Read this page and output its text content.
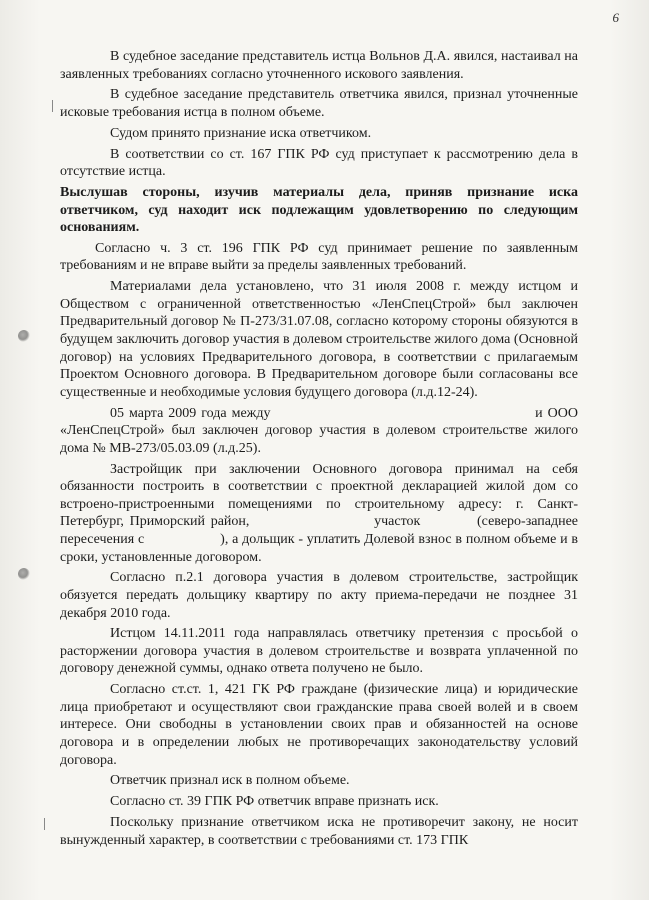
6

В судебное заседание представитель истца Вольнов Д.А. явился, настаивал на заявленных требованиях согласно уточненного искового заявления.

В судебное заседание представитель ответчика явился, признал уточненные исковые требования истца в полном объеме.

Судом принято признание иска ответчиком.

В соответствии со ст. 167 ГПК РФ суд приступает к рассмотрению дела в отсутствие истца.

Выслушав стороны, изучив материалы дела, приняв признание иска ответчиком, суд находит иск подлежащим удовлетворению по следующим основаниям.

Согласно ч. 3 ст. 196 ГПК РФ суд принимает решение по заявленным требованиям и не вправе выйти за пределы заявленных требований.

Материалами дела установлено, что 31 июля 2008 г. между истцом и Обществом с ограниченной ответственностью «ЛенСпецСтрой» был заключен Предварительный договор № П-273/31.07.08, согласно которому стороны обязуются в будущем заключить договор участия в долевом строительстве жилого дома (Основной договор) на условиях Предварительного договора, в соответствии с прилагаемым Проектом Основного договора. В Предварительном договоре были согласованы все существенные и необходимые условия будущего договора (л.д.12-24).

05 марта 2009 года между                                                     и ООО «ЛенСпецСтрой» был заключен договор участия в долевом строительстве жилого дома № МВ-273/05.03.09 (л.д.25).

Застройщик при заключении Основного договора принимал на себя обязанности построить в соответствии с проектной декларацией жилой дом со встроено-пристроенными помещениями по строительному адресу: г. Санкт-Петербург, Приморский район,                      участок          (северо-западнее пересечения с                    ), а дольщик - уплатить Долевой взнос в полном объеме и в сроки, установленные договором.

Согласно п.2.1 договора участия в долевом строительстве, застройщик обязуется передать дольщику квартиру по акту приема-передачи не позднее 31 декабря 2010 года.

Истцом 14.11.2011 года направлялась ответчику претензия с просьбой о расторжении договора участия в долевом строительстве и возврата уплаченной по договору денежной суммы, однако ответа получено не было.

Согласно ст.ст. 1, 421 ГК РФ граждане (физические лица) и юридические лица приобретают и осуществляют свои гражданские права своей волей и в своем интересе. Они свободны в установлении своих прав и обязанностей на основе договора и в определении любых не противоречащих законодательству условий договора.

Ответчик признал иск в полном объеме.

Согласно ст. 39 ГПК РФ ответчик вправе признать иск.

Поскольку признание ответчиком иска не противоречит закону, не носит вынужденный характер, в соответствии с требованиями ст. 173 ГПК
